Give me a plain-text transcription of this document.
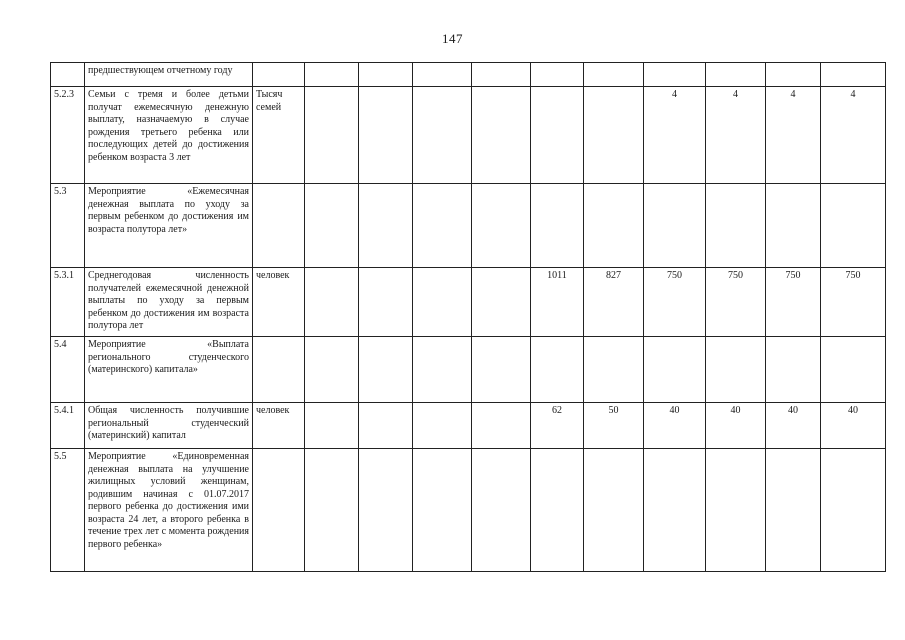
147
	предшествующем отчетному году											
5.2.3	Семьи с тремя и более детьми получат ежемесячную денежную выплату, назначаемую в случае рождения третьего ребенка или последующих детей до достижения ребенком возраста 3 лет	Тысяч семей							4	4	4	4
5.3	Мероприятие «Ежемесячная денежная выплата по уходу за первым ребенком до достижения им возраста полутора лет»											
5.3.1	Среднегодовая численность получателей ежемесячной денежной выплаты по уходу за первым ребенком до достижения им возраста полутора лет	человек					1011	827	750	750	750	750
5.4	Мероприятие «Выплата регионального студенческого (материнского) капитала»											
5.4.1	Общая численность получившие региональный студенческий (материнский) капитал	человек					62	50	40	40	40	40
5.5	Мероприятие «Единовременная денежная выплата на улучшение жилищных условий женщинам, родившим начиная с 01.07.2017 первого ребенка до достижения ими возраста 24 лет, а второго ребенка в течение трех лет с момента рождения первого ребенка»											
